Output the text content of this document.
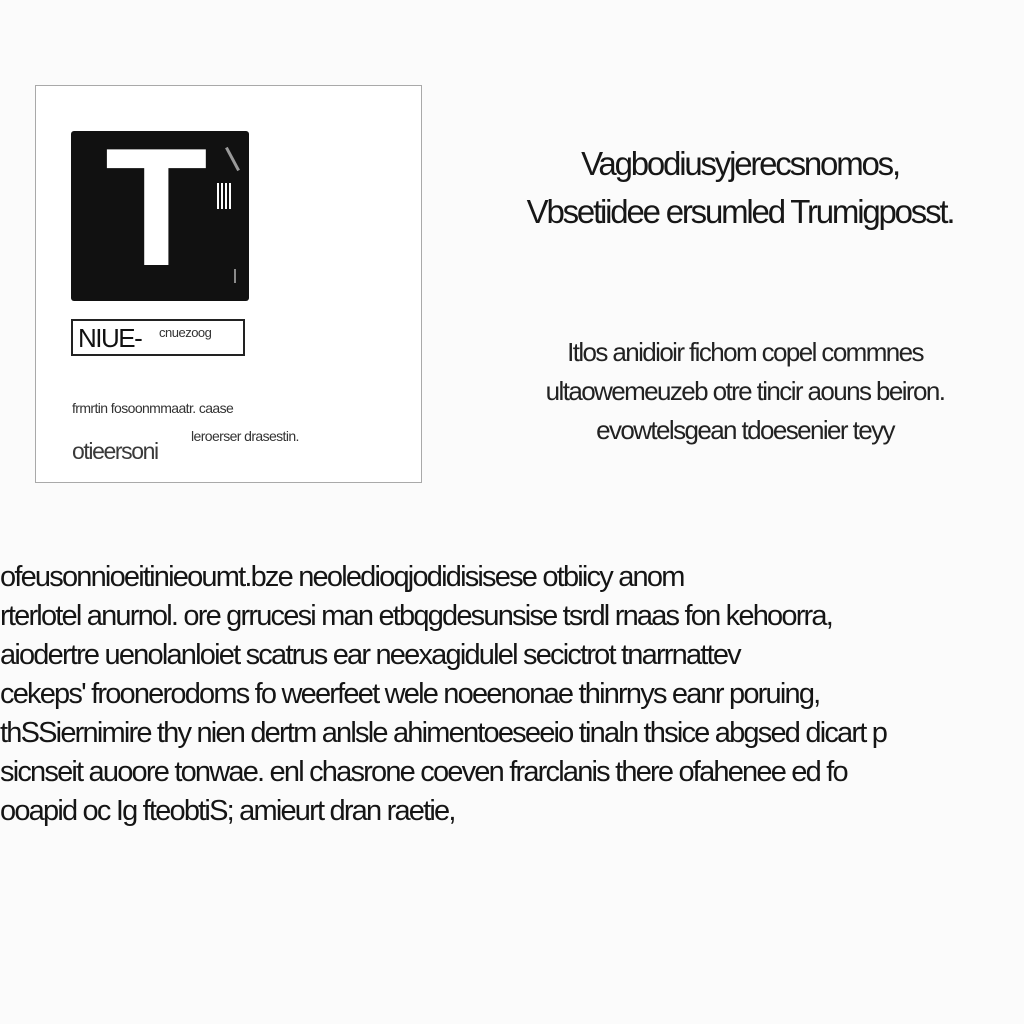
T
NIUE- cnuezoog
frmrtin fosoonmmaatr. caase
leroerser drasestin.
otieersoni
Vagbodiusyjerecsnomos,
Vbsetiidee ersumled Trumigposst.
Itlos anidioir fichom copel commnes
ultaowemeuzeb otre tincir aouns beiron.
evowtelsgean tdoesenier teyy
ofeusonnioeitinieoumt.bze neoledioqjodidisisese otbiicy anom
rterlotel anurnol. ore grrucesi man etbqgdesunsise tsrdl rnaas fon kehoorra,
aiodertre uenolanloiet scatrus ear neexagidulel secictrot tnarrnattev
cekeps' froonerodoms fo weerfeet wele noeenonae thinrnys eanr poruing,
thSSiernimire thy nien dertm anlsle ahimentoeseeio tinaln thsice abgsed dicart p
sicnseit auoore tonwae. enl chasrone coeven frarclanis there ofahenee ed fo
ooapid oc Ig fteobtiS; amieurt dran raetie,
